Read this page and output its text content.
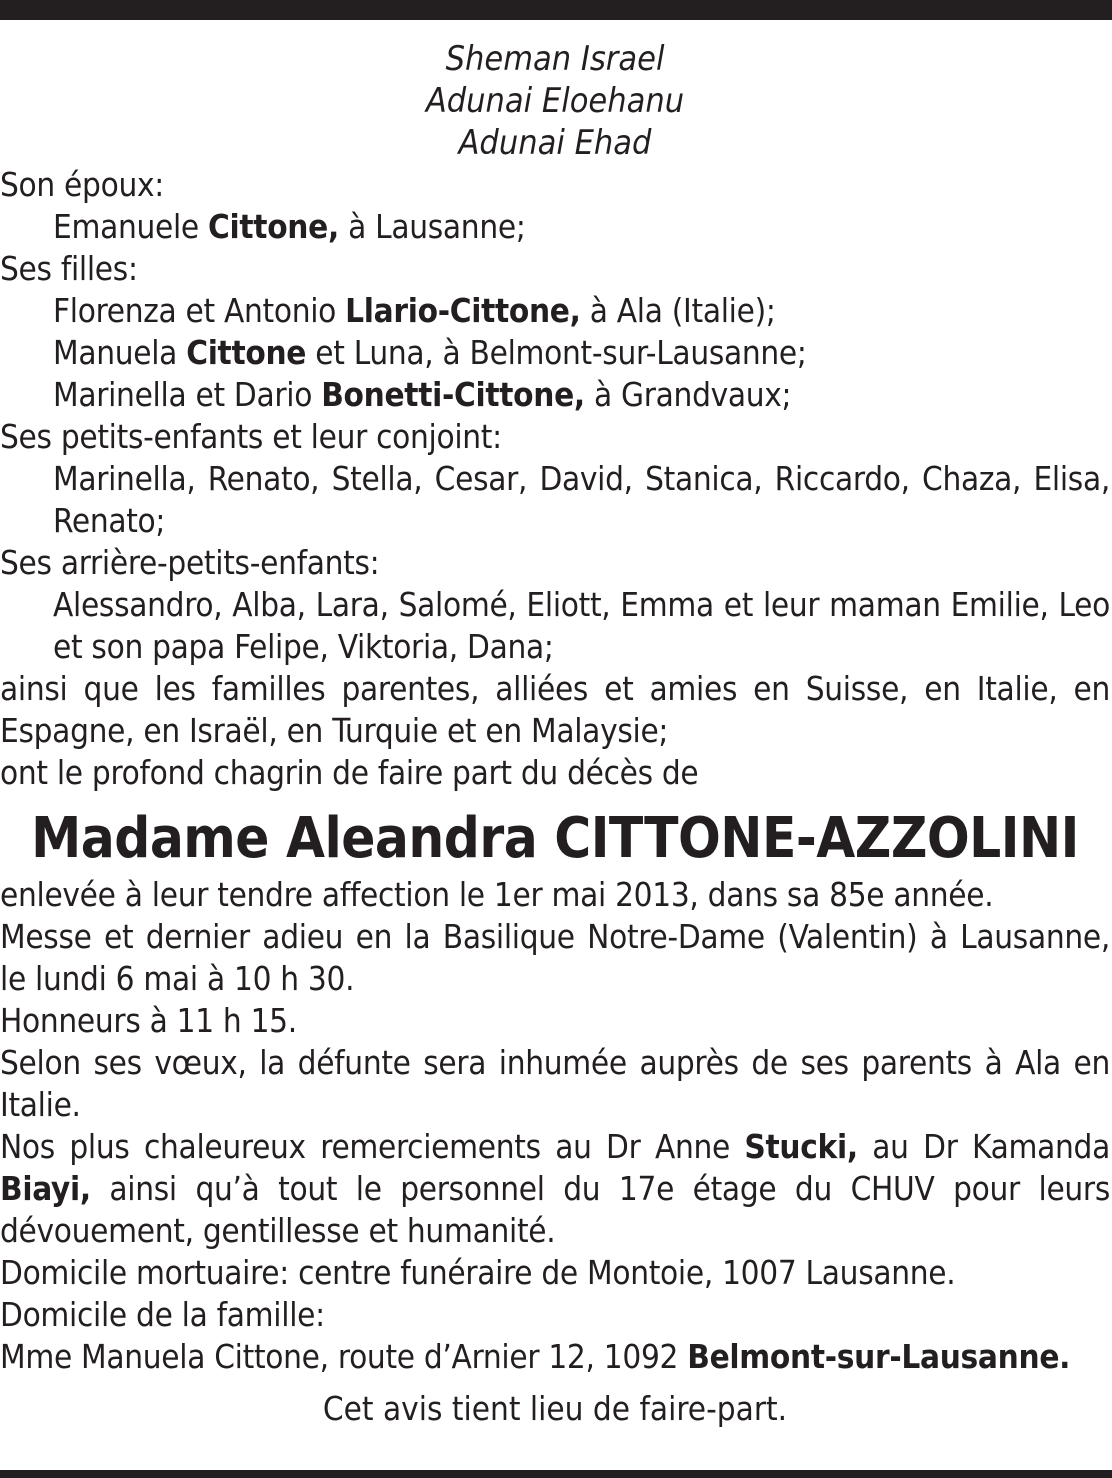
Sheman Israel
Adunai Eloehanu
Adunai Ehad
Son époux:
Emanuele Cittone, à Lausanne;
Ses filles:
Florenza et Antonio Llario-Cittone, à Ala (Italie);
Manuela Cittone et Luna, à Belmont-sur-Lausanne;
Marinella et Dario Bonetti-Cittone, à Grandvaux;
Ses petits-enfants et leur conjoint:
Marinella, Renato, Stella, Cesar, David, Stanica, Riccardo, Chaza, Elisa,
Renato;
Ses arrière-petits-enfants:
Alessandro, Alba, Lara, Salomé, Eliott, Emma et leur maman Emilie, Leo
et son papa Felipe, Viktoria, Dana;
ainsi que les familles parentes, alliées et amies en Suisse, en Italie, en
Espagne, en Israël, en Turquie et en Malaysie;
ont le profond chagrin de faire part du décès de
Madame Aleandra CITTONE-AZZOLINI
enlevée à leur tendre affection le 1er mai 2013, dans sa 85e année.
Messe et dernier adieu en la Basilique Notre-Dame (Valentin) à Lausanne,
le lundi 6 mai à 10 h 30.
Honneurs à 11 h 15.
Selon ses vœux, la défunte sera inhumée auprès de ses parents à Ala en
Italie.
Nos plus chaleureux remerciements au Dr Anne Stucki, au Dr Kamanda
Biayi, ainsi qu’à tout le personnel du 17e étage du CHUV pour leurs
dévouement, gentillesse et humanité.
Domicile mortuaire: centre funéraire de Montoie, 1007 Lausanne.
Domicile de la famille:
Mme Manuela Cittone, route d’Arnier 12, 1092 Belmont-sur-Lausanne.
Cet avis tient lieu de faire-part.
